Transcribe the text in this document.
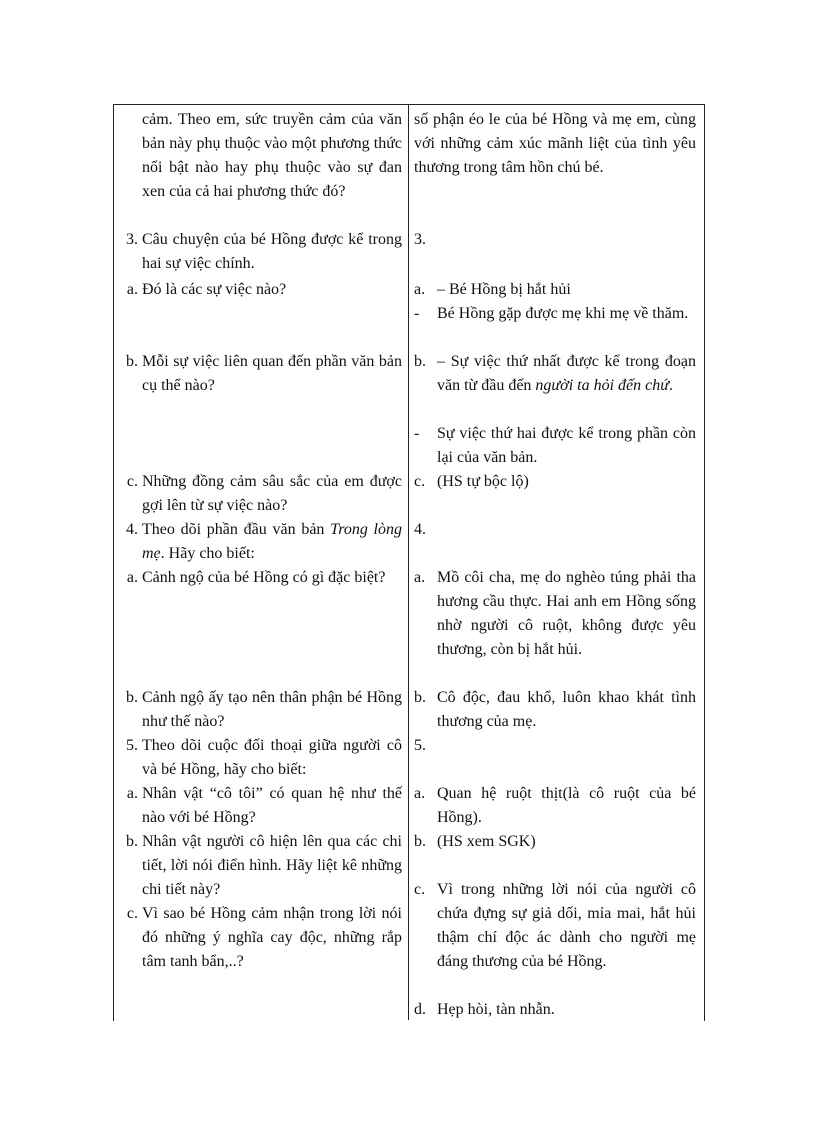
cảm. Theo em, sức truyền cảm của văn bản này phụ thuộc vào một phương thức nổi bật nào hay phụ thuộc vào sự đan xen của cả hai phương thức đó?
3. Câu chuyện của bé Hồng được kể trong hai sự việc chính.
a. Đó là các sự việc nào?
b. Mỗi sự việc liên quan đến phần văn bản cụ thể nào?
c. Những đồng cảm sâu sắc của em được gợi lên từ sự việc nào?
4. Theo dõi phần đầu văn bản Trong lòng mẹ. Hãy cho biết:
a. Cảnh ngộ của bé Hồng có gì đặc biệt?
b. Cảnh ngộ ấy tạo nên thân phận bé Hồng như thế nào?
5. Theo dõi cuộc đối thoại giữa người cô và bé Hồng, hãy cho biết:
a. Nhân vật “cô tôi” có quan hệ như thế nào với bé Hồng?
b. Nhân vật người cô hiện lên qua các chi tiết, lời nói điển hình. Hãy liệt kê những chi tiết này?
c. Vì sao bé Hồng cảm nhận trong lời nói đó những ý nghĩa cay độc, những rắp tâm tanh bẩn,..?
số phận éo le của bé Hồng và mẹ em, cùng với những cảm xúc mãnh liệt của tình yêu thương trong tâm hồn chú bé.
3.
a. – Bé Hồng bị hắt hủi
-	Bé Hồng gặp được mẹ khi mẹ về thăm.
b. – Sự việc thứ nhất được kể trong đoạn văn từ đầu đến người ta hỏi đến chứ.
-	Sự việc thứ hai được kể trong phần còn lại của văn bản.
c. (HS tự bộc lộ)
4.
a. Mồ côi cha, mẹ do nghèo túng phải tha hương cầu thực. Hai anh em Hồng sống nhờ người cô ruột, không được yêu thương, còn bị hắt hủi.
b. Cô độc, đau khổ, luôn khao khát tình thương của mẹ.
5.
a. Quan hệ ruột thịt(là cô ruột của bé Hồng).
b. (HS xem SGK)
c. Vì trong những lời nói của người cô chứa đựng sự giả dối, mỉa mai, hắt hủi thậm chí độc ác dành cho người mẹ đáng thương của bé Hồng.
d. Hẹp hòi, tàn nhẫn.
